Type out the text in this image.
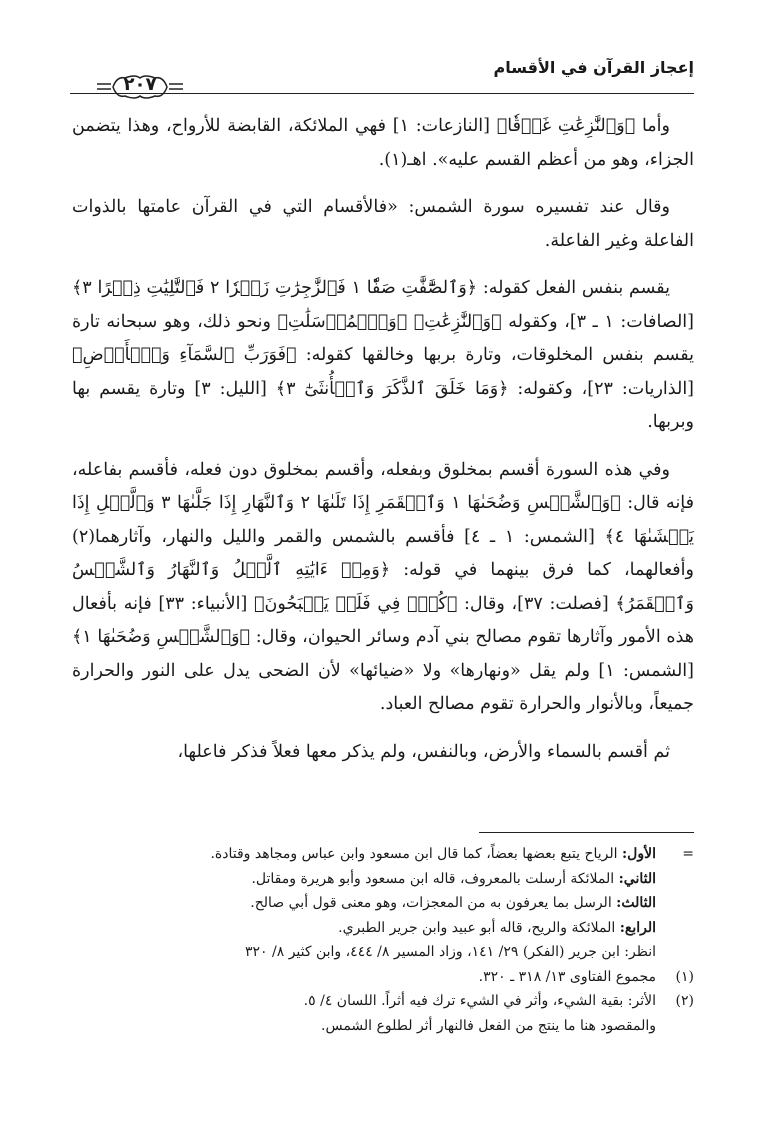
إعجاز القرآن في الأقسام
٢٠٧

وأما ﴿وَٱلنَّٰزِعَٰتِ غَرۡقٗا﴾ [النازعات: ١] فهي الملائكة، القابضة للأرواح، وهذا يتضمن الجزاء، وهو من أعظم القسم عليه». اهـ(١).

وقال عند تفسيره سورة الشمس: «فالأقسام التي في القرآن عامتها بالذوات الفاعلة وغير الفاعلة.

يقسم بنفس الفعل كقوله: ﴿وَٱلصَّٰٓفَّٰتِ صَفّٗا ١ فَٱلزَّٰجِرَٰتِ زَجۡرٗا ٢ فَٱلتَّٰلِيَٰتِ ذِكۡرًا ٣﴾ [الصافات: ١ ـ ٣]، وكقوله ﴿وَٱلنَّٰزِعَٰتِ﴾ ﴿وَٱلۡمُرۡسَلَٰتِ﴾ ونحو ذلك، وهو سبحانه تارة يقسم بنفس المخلوقات، وتارة بربها وخالقها كقوله: ﴿فَوَرَبِّ ٱلسَّمَآءِ وَٱلۡأَرۡضِ﴾ [الذاريات: ٢٣]، وكقوله: ﴿وَمَا خَلَقَ ٱلذَّكَرَ وَٱلۡأُنثَىٰٓ ٣﴾ [الليل: ٣] وتارة يقسم بها وبربها.

وفي هذه السورة أقسم بمخلوق وبفعله، وأقسم بمخلوق دون فعله، فأقسم بفاعله، فإنه قال: ﴿وَٱلشَّمۡسِ وَضُحَىٰهَا ١ وَٱلۡقَمَرِ إِذَا تَلَىٰهَا ٢ وَٱلنَّهَارِ إِذَا جَلَّىٰهَا ٣ وَٱلَّيۡلِ إِذَا يَغۡشَىٰهَا ٤﴾ [الشمس: ١ ـ ٤] فأقسم بالشمس والقمر والليل والنهار، وآثارهما(٢) وأفعالهما، كما فرق بينهما في قوله: ﴿وَمِنۡ ءَايَٰتِهِ ٱلَّيۡلُ وَٱلنَّهَارُ وَٱلشَّمۡسُ وَٱلۡقَمَرُ﴾ [فصلت: ٣٧]، وقال: ﴿كُلّٞ فِي فَلَكٖ يَسۡبَحُونَ﴾ [الأنبياء: ٣٣] فإنه بأفعال هذه الأمور وآثارها تقوم مصالح بني آدم وسائر الحيوان، وقال: ﴿وَٱلشَّمۡسِ وَضُحَىٰهَا ١﴾ [الشمس: ١] ولم يقل «ونهارها» ولا «ضيائها» لأن الضحى يدل على النور والحرارة جميعاً، وبالأنوار والحرارة تقوم مصالح العباد.

ثم أقسم بالسماء والأرض، وبالنفس، ولم يذكر معها فعلاً فذكر فاعلها،

=الأول: الرياح يتبع بعضها بعضاً، كما قال ابن مسعود وابن عباس ومجاهد وقتادة.
الثاني: الملائكة أرسلت بالمعروف، قاله ابن مسعود وأبو هريرة ومقاتل.
الثالث: الرسل بما يعرفون به من المعجزات، وهو معنى قول أبي صالح.
الرابع: الملائكة والريح، قاله أبو عبيد وابن جرير الطبري.
انظر: ابن جرير (الفكر) ٢٩/ ١٤١، وزاد المسير ٨/ ٤٤٤، وابن كثير ٨/ ٣٢٠
(١)مجموع الفتاوى ١٣/ ٣١٨ ـ ٣٢٠.
(٢)الأثر: بقية الشيء، وأثر في الشيء ترك فيه أثراً. اللسان ٤/ ٥.
والمقصود هنا ما ينتج من الفعل فالنهار أثر لطلوع الشمس.
